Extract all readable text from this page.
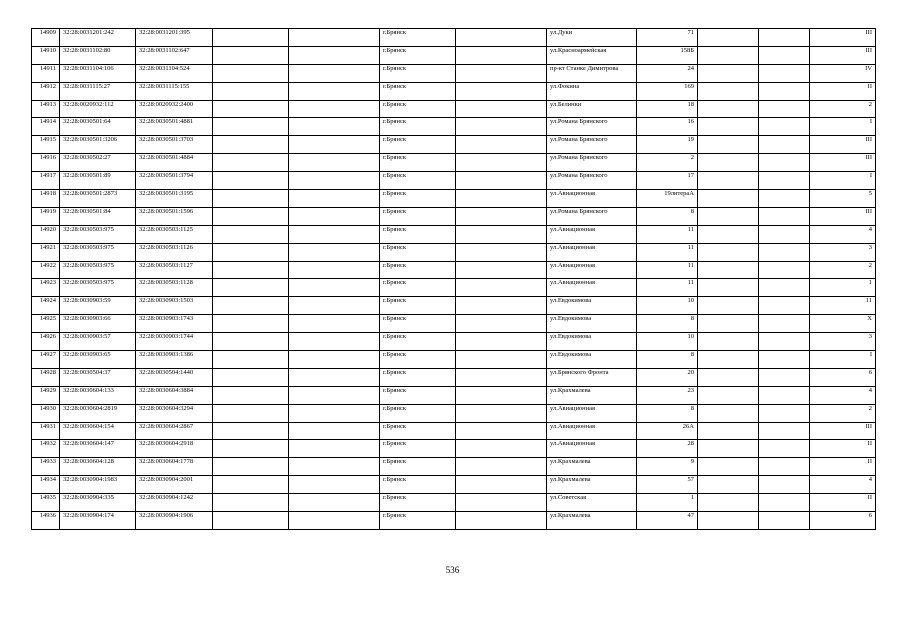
14909	32:28:0031201:242	32:28:0031201:395			г.Брянск		ул.Дуки	71			III
14910	32:28:0031102:80	32:28:0031102:647			г.Брянск		ул.Красноармейская	158Б			III
14911	32:28:0031104:106	32:28:0031104:524			г.Брянск		пр-кт Станке Димитрова	24			IV
14912	32:28:0031115:27	32:28:0031115:155			г.Брянск		ул.Фокина	169			II
14913	32:28:0020932:112	32:28:0020932:2400			г.Брянск		ул.Белинки	18			2
14914	32:28:0030501:64	32:28:0030501:4881			г.Брянск		ул.Романа Брянского	16			I
14915	32:28:0030501:3206	32:28:0030501:3703			г.Брянск		ул.Романа Брянского	19			III
14916	32:28:0030502:27	32:28:0030501:4884			г.Брянск		ул.Романа Брянского	2			III
14917	32:28:0030501:89	32:28:0030501:3794			г.Брянск		ул.Романа Брянского	17			I
14918	32:28:0030501:2873	32:28:0030501:3195			г.Брянск		ул.Авиационная	19литераА			5
14919	32:28:0030501:84	32:28:0030501:1596			г.Брянск		ул.Романа Брянского	8			III
14920	32:28:0030503:975	32:28:0030503:1125			г.Брянск		ул.Авиационная	11			4
14921	32:28:0030503:975	32:28:0030503:1126			г.Брянск		ул.Авиационная	11			3
14922	32:28:0030503:975	32:28:0030503:1127			г.Брянск		ул.Авиационная	11			2
14923	32:28:0030503:975	32:28:0030503:1128			г.Брянск		ул.Авиационная	11			1
14924	32:28:0030903:59	32:28:0030903:1503			г.Брянск		ул.Евдокимова	10			11
14925	32:28:0030903:66	32:28:0030903:1743			г.Брянск		ул.Евдокимова	8			X
14926	32:28:0030903:57	32:28:0030903:1744			г.Брянск		ул.Евдокимова	10			3
14927	32:28:0030903:65	32:28:0030903:1386			г.Брянск		ул.Евдокимова	8			I
14928	32:28:0030504:37	32:28:0030504:1440			г.Брянск		ул.Брянского Фронта	20			6
14929	32:28:0030604:133	32:28:0030604:3884			г.Брянск		ул.Крахмалева	23			4
14930	32:28:0030604:2819	32:28:0030604:3294			г.Брянск		ул.Авиационная	8			2
14931	32:28:0030604:154	32:28:0030604:2867			г.Брянск		ул.Авиационная	26А			III
14932	32:28:0030604:147	32:28:0030604:2918			г.Брянск		ул.Авиационная	28			II
14933	32:28:0030604:128	32:28:0030604:1778			г.Брянск		ул.Крахмалева	9			II
14934	32:28:0030904:1983	32:28:0030904:2001			г.Брянск		ул.Крахмалева	57			4
14935	32:28:0030904:335	32:28:0030904:1242			г.Брянск		ул.Советская	1			II
14936	32:28:0030904:174	32:28:0030904:1906			г.Брянск		ул.Крахмалева	47			6
536
